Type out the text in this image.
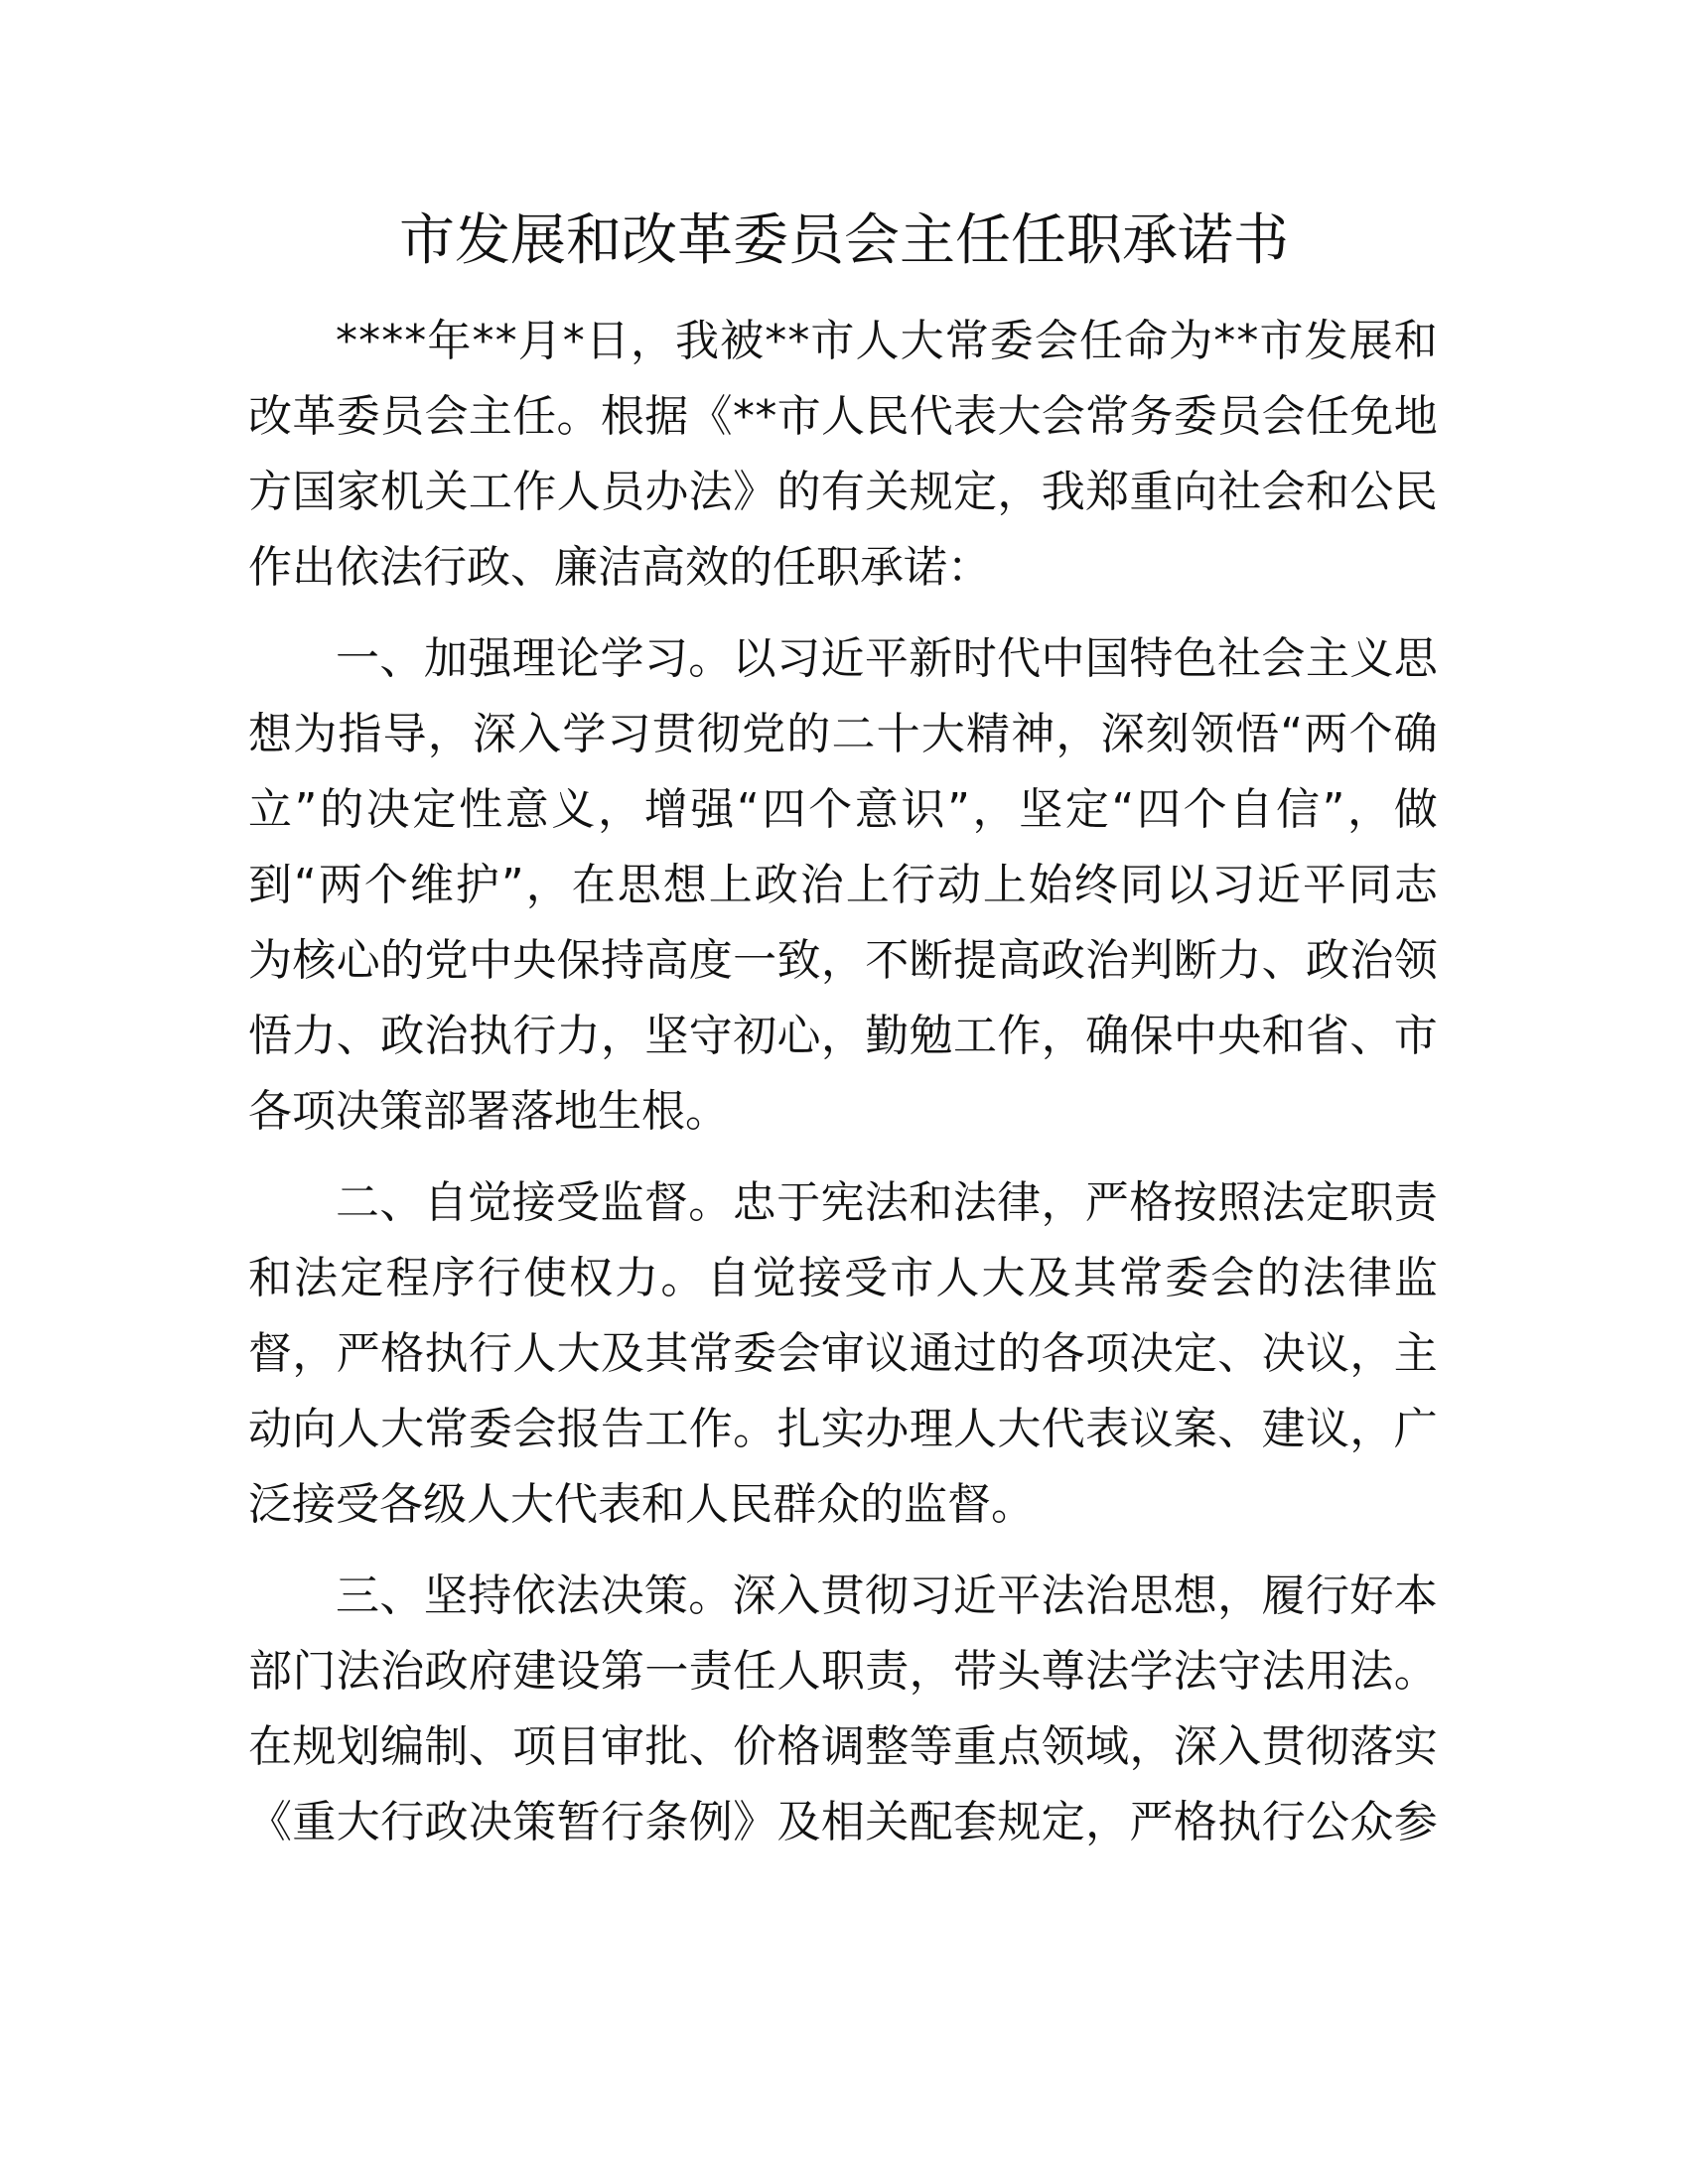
市发展和改革委员会主任任职承诺书
* * * * 年 * * 月 * 日 ， 我 被 * * 市 人 大 常 委 会 任 命 为 * * 市 发 展 和
改 革 委 员 会 主 任 。 根 据 《 * * 市 人 民 代 表 大 会 常 务 委 员 会 任 免 地
方 国 家 机 关 工 作 人 员 办 法 》 的 有 关 规 定 ， 我 郑 重 向 社 会 和 公 民
作出依法行政、廉洁高效的任职承诺：
一 、 加 强 理 论 学 习 。 以 习 近 平 新 时 代 中 国 特 色 社 会 主 义 思
想 为 指 导 ， 深 入 学 习 贯 彻 党 的 二 十 大 精 神 ， 深 刻 领 悟 “ 两 个 确
立 ” 的 决 定 性 意 义 ， 增 强 “ 四 个 意 识 ” ， 坚 定 “ 四 个 自 信 ” ， 做
到 “ 两 个 维 护 ” ， 在 思 想 上 政 治 上 行 动 上 始 终 同 以 习 近 平 同 志
为 核 心 的 党 中 央 保 持 高 度 一 致 ， 不 断 提 高 政 治 判 断 力 、 政 治 领
悟 力 、 政 治 执 行 力 ， 坚 守 初 心 ， 勤 勉 工 作 ， 确 保 中 央 和 省 、 市
各项决策部署落地生根。
二 、 自 觉 接 受 监 督 。 忠 于 宪 法 和 法 律 ， 严 格 按 照 法 定 职 责
和 法 定 程 序 行 使 权 力 。 自 觉 接 受 市 人 大 及 其 常 委 会 的 法 律 监
督 ， 严 格 执 行 人 大 及 其 常 委 会 审 议 通 过 的 各 项 决 定 、 决 议 ， 主
动 向 人 大 常 委 会 报 告 工 作 。 扎 实 办 理 人 大 代 表 议 案 、 建 议 ， 广
泛接受各级人大代表和人民群众的监督。
三 、 坚 持 依 法 决 策 。 深 入 贯 彻 习 近 平 法 治 思 想 ， 履 行 好 本
部 门 法 治 政 府 建 设 第 一 责 任 人 职 责 ， 带 头 尊 法 学 法 守 法 用 法 。
在 规 划 编 制 、 项 目 审 批 、 价 格 调 整 等 重 点 领 域 ， 深 入 贯 彻 落 实
《 重 大 行 政 决 策 暂 行 条 例 》 及 相 关 配 套 规 定 ， 严 格 执 行 公 众 参
